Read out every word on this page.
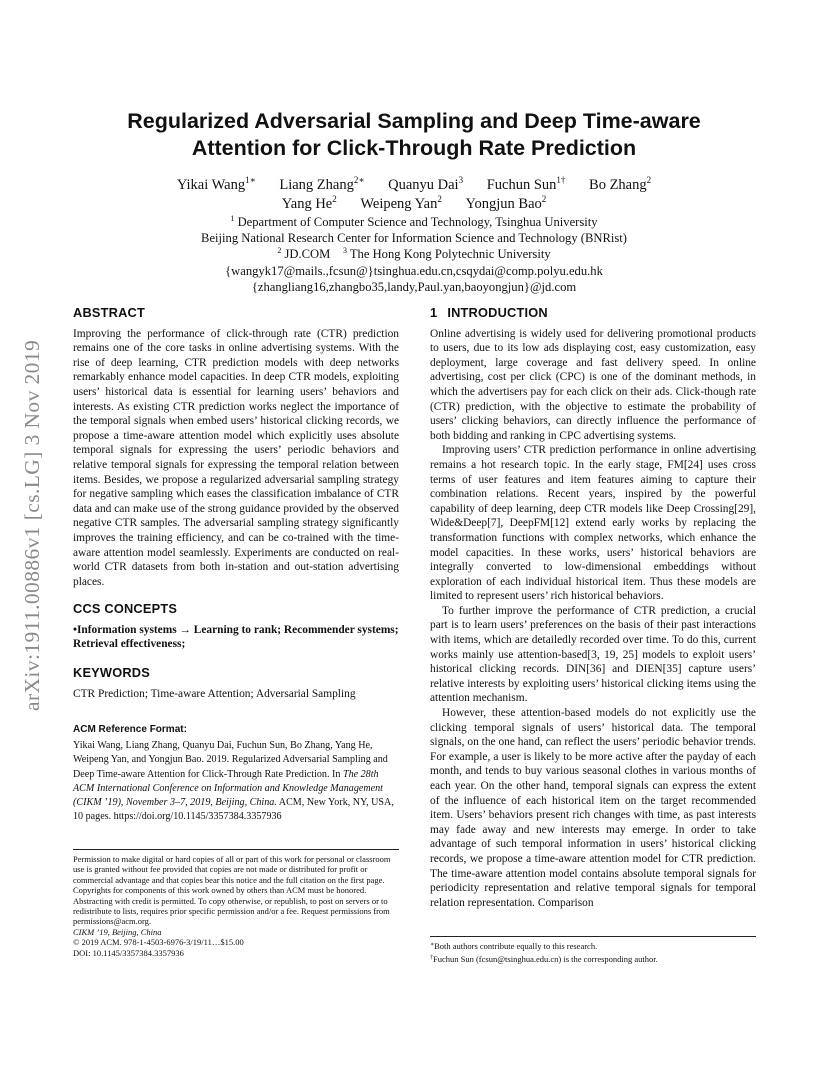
arXiv:1911.00886v1 [cs.LG] 3 Nov 2019
Regularized Adversarial Sampling and Deep Time-aware
Attention for Click-Through Rate Prediction
Yikai Wang$^{1∗}$ Liang Zhang$^{2∗}$ Quanyu Dai$^3$ Fuchun Sun$^{1\dagger}$ Bo Zhang$^2$
Yang He$^2$ Weipeng Yan$^2$ Yongjun Bao$^2$
$^1$ Department of Computer Science and Technology, Tsinghua University
Beijing National Research Center for Information Science and Technology (BNRist)
$^2$ JD.COM $^3$ The Hong Kong Polytechnic University
{wangyk17@mails.,fcsun@}tsinghua.edu.cn,csqydai@comp.polyu.edu.hk
{zhangliang16,zhangbo35,landy,Paul.yan,baoyongjun}@jd.com
ABSTRACT

Improving the performance of click-through rate (CTR) prediction remains one of the core tasks in online advertising systems. With the rise of deep learning, CTR prediction models with deep networks remarkably enhance model capacities. In deep CTR models, exploiting users’ historical data is essential for learning users’ behaviors and interests. As existing CTR prediction works neglect the importance of the temporal signals when embed users’ historical clicking records, we propose a time-aware attention model which explicitly uses absolute temporal signals for expressing the users’ periodic behaviors and relative temporal signals for expressing the temporal relation between items. Besides, we propose a regularized adversarial sampling strategy for negative sampling which eases the classification imbalance of CTR data and can make use of the strong guidance provided by the observed negative CTR samples. The adversarial sampling strategy significantly improves the training efficiency, and can be co-trained with the time-aware attention model seamlessly. Experiments are conducted on real-world CTR datasets from both in-station and out-station advertising places.

CCS CONCEPTS

•Information systems → Learning to rank; Recommender systems; Retrieval effectiveness;

KEYWORDS

CTR Prediction; Time-aware Attention; Adversarial Sampling

ACM Reference Format:

Yikai Wang, Liang Zhang, Quanyu Dai, Fuchun Sun, Bo Zhang, Yang He, Weipeng Yan, and Yongjun Bao. 2019. Regularized Adversarial Sampling and Deep Time-aware Attention for Click-Through Rate Prediction. In The 28th ACM International Conference on Information and Knowledge Management (CIKM ’19), November 3–7, 2019, Beijing, China. ACM, New York, NY, USA, 10 pages. https://doi.org/10.1145/3357384.3357936

Permission to make digital or hard copies of all or part of this work for personal or classroom use is granted without fee provided that copies are not made or distributed for profit or commercial advantage and that copies bear this notice and the full citation on the first page. Copyrights for components of this work owned by others than ACM must be honored. Abstracting with credit is permitted. To copy otherwise, or republish, to post on servers or to redistribute to lists, requires prior specific permission and/or a fee. Request permissions from permissions@acm.org.

CIKM ’19, Beijing, China

© 2019 ACM. 978-1-4503-6976-3/19/11…$15.00

DOI: 10.1145/3357384.3357936

1 INTRODUCTION

Online advertising is widely used for delivering promotional products to users, due to its low ads displaying cost, easy customization, easy deployment, large coverage and fast delivery speed. In online advertising, cost per click (CPC) is one of the dominant methods, in which the advertisers pay for each click on their ads. Click-though rate (CTR) prediction, with the objective to estimate the probability of users’ clicking behaviors, can directly influence the performance of both bidding and ranking in CPC advertising systems.

Improving users’ CTR prediction performance in online advertising remains a hot research topic. In the early stage, FM[24] uses cross terms of user features and item features aiming to capture their combination relations. Recent years, inspired by the powerful capability of deep learning, deep CTR models like Deep Crossing[29], Wide&Deep[7], DeepFM[12] extend early works by replacing the transformation functions with complex networks, which enhance the model capacities. In these works, users’ historical behaviors are integrally converted to low-dimensional embeddings without exploration of each individual historical item. Thus these models are limited to represent users’ rich historical behaviors.

To further improve the performance of CTR prediction, a crucial part is to learn users’ preferences on the basis of their past interactions with items, which are detailedly recorded over time. To do this, current works mainly use attention-based[3, 19, 25] models to exploit users’ historical clicking records. DIN[36] and DIEN[35] capture users’ relative interests by exploiting users’ historical clicking items using the attention mechanism.

However, these attention-based models do not explicitly use the clicking temporal signals of users’ historical data. The temporal signals, on the one hand, can reflect the users’ periodic behavior trends. For example, a user is likely to be more active after the payday of each month, and tends to buy various seasonal clothes in various months of each year. On the other hand, temporal signals can express the extent of the influence of each historical item on the target recommended item. Users’ behaviors present rich changes with time, as past interests may fade away and new interests may emerge. In order to take advantage of such temporal information in users’ historical clicking records, we propose a time-aware attention model for CTR prediction. The time-aware attention model contains absolute temporal signals for periodicity representation and relative temporal signals for temporal relation representation. Comparison

∗Both authors contribute equally to this research.
†Fuchun Sun (fcsun@tsinghua.edu.cn) is the corresponding author.
